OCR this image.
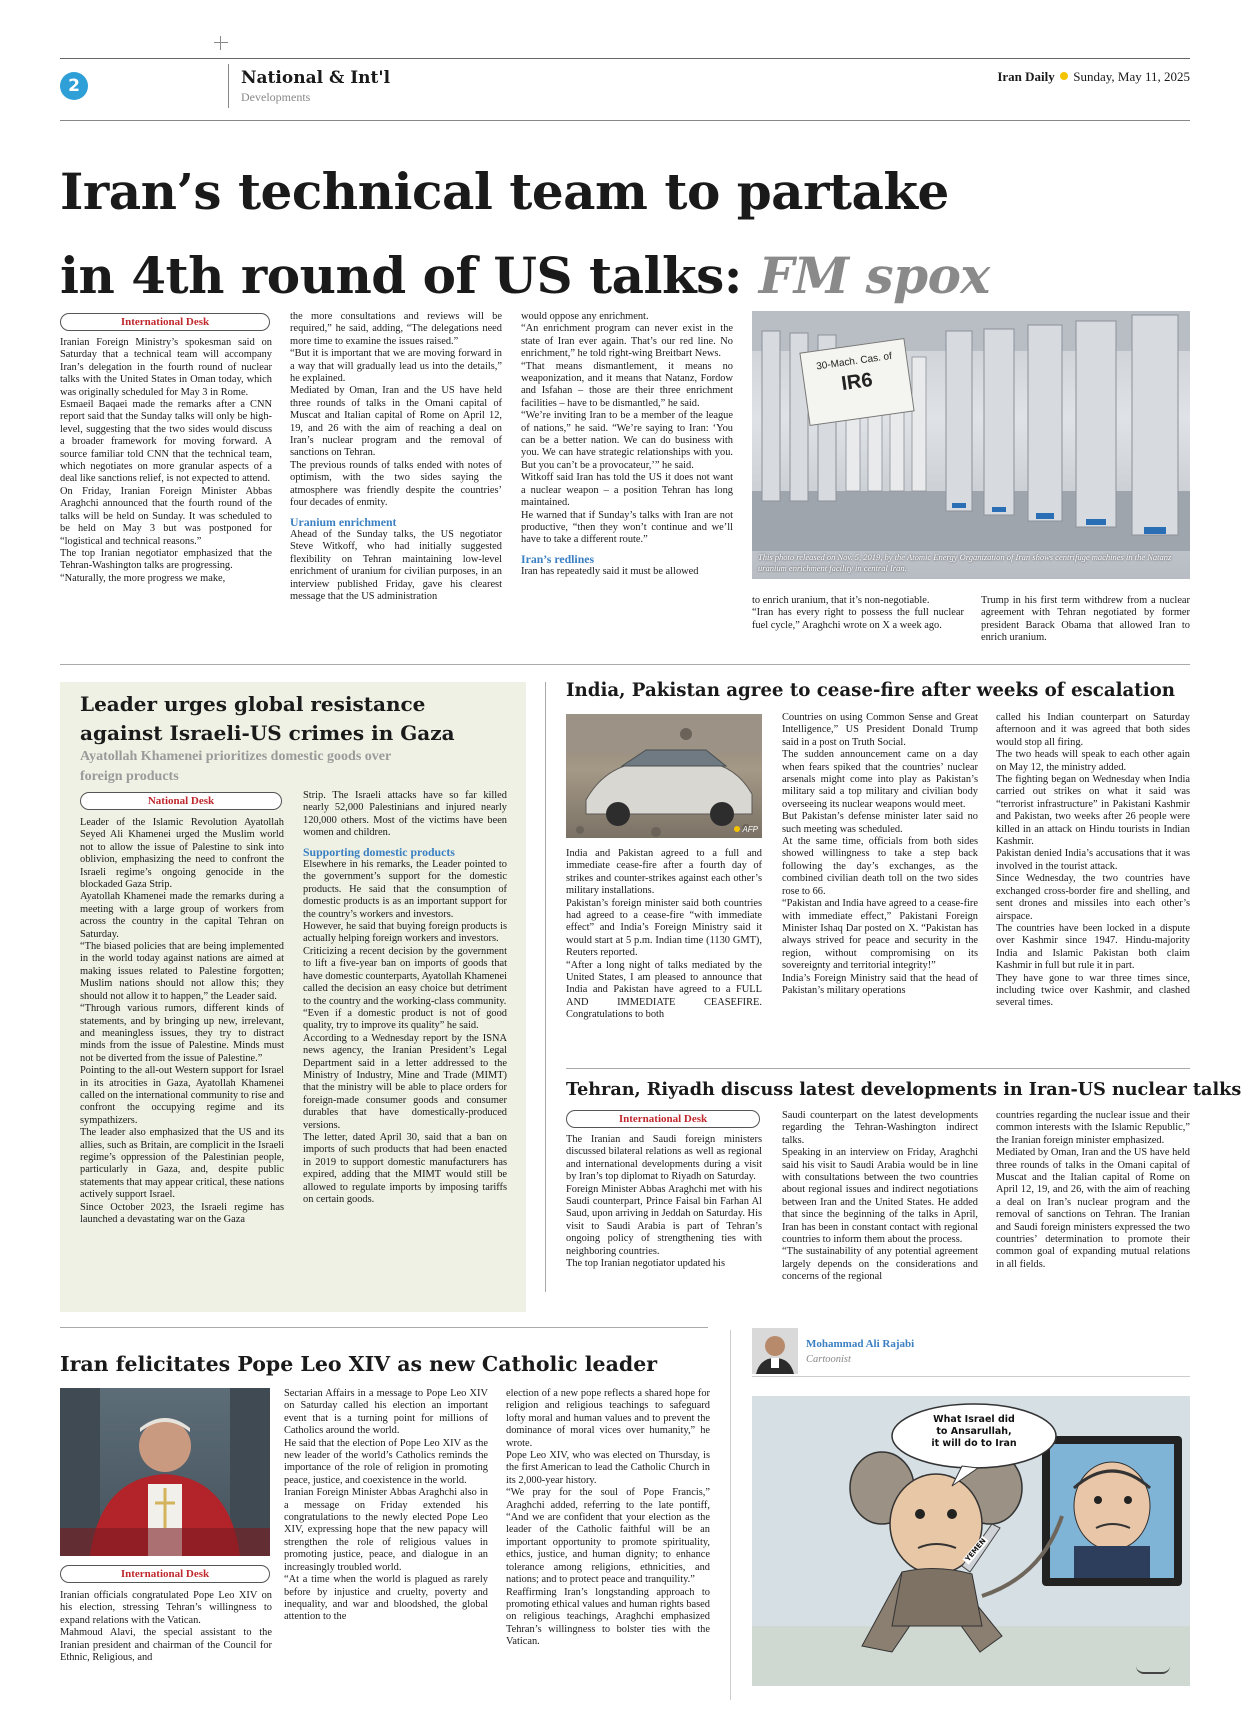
2	National & Int'l
Developments
Iran Daily Sunday, May 11, 2025
Iran’s technical team to partake
in 4th round of US talks: FM spox
International Desk

Iranian Foreign Ministry’s spokesman said on Saturday that a technical team will accompany Iran’s delegation in the fourth round of nuclear talks with the United States in Oman today, which was originally scheduled for May 3 in Rome.

Esmaeil Baqaei made the remarks after a CNN report said that the Sunday talks will only be high-level, suggesting that the two sides would discuss a broader framework for moving forward. A source familiar told CNN that the technical team, which negotiates on more granular aspects of a deal like sanctions relief, is not expected to attend.

On Friday, Iranian Foreign Minister Abbas Araghchi announced that the fourth round of the talks will be held on Sunday. It was scheduled to be held on May 3 but was postponed for “logistical and technical reasons.”

The top Iranian negotiator emphasized that the Tehran-Washington talks are progressing.

“Naturally, the more progress we make,

the more consultations and reviews will be required,” he said, adding, “The delegations need more time to examine the issues raised.”

“But it is important that we are moving forward in a way that will gradually lead us into the details,” he explained.

Mediated by Oman, Iran and the US have held three rounds of talks in the Omani capital of Muscat and Italian capital of Rome on April 12, 19, and 26 with the aim of reaching a deal on Iran’s nuclear program and the removal of sanctions on Tehran.

The previous rounds of talks ended with notes of optimism, with the two sides saying the atmosphere was friendly despite the countries’ four decades of enmity.

Uranium enrichment

Ahead of the Sunday talks, the US negotiator Steve Witkoff, who had initially suggested flexibility on Tehran maintaining low-level enrichment of uranium for civilian purposes, in an interview published Friday, gave his clearest message that the US administration

would oppose any enrichment.

“An enrichment program can never exist in the state of Iran ever again. That’s our red line. No enrichment,” he told right-wing Breitbart News.

“That means dismantlement, it means no weaponization, and it means that Natanz, Fordow and Isfahan – those are their three enrichment facilities – have to be dismantled,” he said.

“We’re inviting Iran to be a member of the league of nations,” he said. “We’re saying to Iran: ‘You can be a better nation. We can do business with you. We can have strategic relationships with you. But you can’t be a provocateur,’” he said.

Witkoff said Iran has told the US it does not want a nuclear weapon – a position Tehran has long maintained.

He warned that if Sunday’s talks with Iran are not productive, “then they won’t continue and we’ll have to take a different route.”

Iran’s redlines

Iran has repeatedly said it must be allowed

30-Mach. Cas. of
IR6
This photo released on Nov. 5, 2019, by the Atomic Energy Organization of Iran shows centrifuge machines in the Natanz uranium enrichment facility in central Iran.

to enrich uranium, that it’s non-negotiable.

“Iran has every right to possess the full nuclear fuel cycle,” Araghchi wrote on X a week ago.

Trump in his first term withdrew from a nuclear agreement with Tehran negotiated by former president Barack Obama that allowed Iran to enrich uranium.

Leader urges global resistance against Israeli-US crimes in Gaza
Ayatollah Khamenei prioritizes domestic goods over foreign products
National Desk

Leader of the Islamic Revolution Ayatollah Seyed Ali Khamenei urged the Muslim world not to allow the issue of Palestine to sink into oblivion, emphasizing the need to confront the Israeli regime’s ongoing genocide in the blockaded Gaza Strip.

Ayatollah Khamenei made the remarks during a meeting with a large group of workers from across the country in the capital Tehran on Saturday.

“The biased policies that are being implemented in the world today against nations are aimed at making issues related to Palestine forgotten; Muslim nations should not allow this; they should not allow it to happen,” the Leader said.

“Through various rumors, different kinds of statements, and by bringing up new, irrelevant, and meaningless issues, they try to distract minds from the issue of Palestine. Minds must not be diverted from the issue of Palestine.”

Pointing to the all-out Western support for Israel in its atrocities in Gaza, Ayatollah Khamenei called on the international community to rise and confront the occupying regime and its sympathizers.

The leader also emphasized that the US and its allies, such as Britain, are complicit in the Israeli regime’s oppression of the Palestinian people, particularly in Gaza, and, despite public statements that may appear critical, these nations actively support Israel.

Since October 2023, the Israeli regime has launched a devastating war on the Gaza

Strip. The Israeli attacks have so far killed nearly 52,000 Palestinians and injured nearly 120,000 others. Most of the victims have been women and children.

Supporting domestic products

Elsewhere in his remarks, the Leader pointed to the government’s support for the domestic products. He said that the consumption of domestic products is as an important support for the country’s workers and investors.

However, he said that buying foreign products is actually helping foreign workers and investors.

Criticizing a recent decision by the government to lift a five-year ban on imports of goods that have domestic counterparts, Ayatollah Khamenei called the decision an easy choice but detriment to the country and the working-class community.

“Even if a domestic product is not of good quality, try to improve its quality” he said.

According to a Wednesday report by the ISNA news agency, the Iranian President’s Legal Department said in a letter addressed to the Ministry of Industry, Mine and Trade (MIMT) that the ministry will be able to place orders for foreign-made consumer goods and consumer durables that have domestically-produced versions.

The letter, dated April 30, said that a ban on imports of such products that had been enacted in 2019 to support domestic manufacturers has expired, adding that the MIMT would still be allowed to regulate imports by imposing tariffs on certain goods.

India, Pakistan agree to cease-fire after weeks of escalation
AFP

India and Pakistan agreed to a full and immediate cease-fire after a fourth day of strikes and counter-strikes against each other’s military installations.

Pakistan’s foreign minister said both countries had agreed to a cease-fire “with immediate effect” and India’s Foreign Ministry said it would start at 5 p.m. Indian time (1130 GMT), Reuters reported.

“After a long night of talks mediated by the United States, I am pleased to announce that India and Pakistan have agreed to a FULL AND IMMEDIATE CEASEFIRE. Congratulations to both

Countries on using Common Sense and Great Intelligence,” US President Donald Trump said in a post on Truth Social.

The sudden announcement came on a day when fears spiked that the countries’ nuclear arsenals might come into play as Pakistan’s military said a top military and civilian body overseeing its nuclear weapons would meet.

But Pakistan’s defense minister later said no such meeting was scheduled.

At the same time, officials from both sides showed willingness to take a step back following the day’s exchanges, as the combined civilian death toll on the two sides rose to 66.

“Pakistan and India have agreed to a cease-fire with immediate effect,” Pakistani Foreign Minister Ishaq Dar posted on X. “Pakistan has always strived for peace and security in the region, without compromising on its sovereignty and territorial integrity!”

India’s Foreign Ministry said that the head of Pakistan’s military operations

called his Indian counterpart on Saturday afternoon and it was agreed that both sides would stop all firing.

The two heads will speak to each other again on May 12, the ministry added.

The fighting began on Wednesday when India carried out strikes on what it said was “terrorist infrastructure” in Pakistani Kashmir and Pakistan, two weeks after 26 people were killed in an attack on Hindu tourists in Indian Kashmir.

Pakistan denied India’s accusations that it was involved in the tourist attack.

Since Wednesday, the two countries have exchanged cross-border fire and shelling, and sent drones and missiles into each other’s airspace.

The countries have been locked in a dispute over Kashmir since 1947. Hindu-majority India and Islamic Pakistan both claim Kashmir in full but rule it in part.

They have gone to war three times since, including twice over Kashmir, and clashed several times.

Tehran, Riyadh discuss latest developments in Iran-US nuclear talks
International Desk

The Iranian and Saudi foreign ministers discussed bilateral relations as well as regional and international developments during a visit by Iran’s top diplomat to Riyadh on Saturday.

Foreign Minister Abbas Araghchi met with his Saudi counterpart, Prince Faisal bin Farhan Al Saud, upon arriving in Jeddah on Saturday. His visit to Saudi Arabia is part of Tehran’s ongoing policy of strengthening ties with neighboring countries.

The top Iranian negotiator updated his

Saudi counterpart on the latest developments regarding the Tehran-Washington indirect talks.

Speaking in an interview on Friday, Araghchi said his visit to Saudi Arabia would be in line with consultations between the two countries about regional issues and indirect negotiations between Iran and the United States. He added that since the beginning of the talks in April, Iran has been in constant contact with regional countries to inform them about the process.

“The sustainability of any potential agreement largely depends on the considerations and concerns of the regional

countries regarding the nuclear issue and their common interests with the Islamic Republic,” the Iranian foreign minister emphasized.

Mediated by Oman, Iran and the US have held three rounds of talks in the Omani capital of Muscat and the Italian capital of Rome on April 12, 19, and 26, with the aim of reaching a deal on Iran’s nuclear program and the removal of sanctions on Tehran. The Iranian and Saudi foreign ministers expressed the two countries’ determination to promote their common goal of expanding mutual relations in all fields.

Iran felicitates Pope Leo XIV as new Catholic leader
International Desk

Iranian officials congratulated Pope Leo XIV on his election, stressing Tehran’s willingness to expand relations with the Vatican.

Mahmoud Alavi, the special assistant to the Iranian president and chairman of the Council for Ethnic, Religious, and

Sectarian Affairs in a message to Pope Leo XIV on Saturday called his election an important event that is a turning point for millions of Catholics around the world.

He said that the election of Pope Leo XIV as the new leader of the world’s Catholics reminds the importance of the role of religion in promoting peace, justice, and coexistence in the world.

Iranian Foreign Minister Abbas Araghchi also in a message on Friday extended his congratulations to the newly elected Pope Leo XIV, expressing hope that the new papacy will strengthen the role of religious values in promoting justice, peace, and dialogue in an increasingly troubled world.

“At a time when the world is plagued as rarely before by injustice and cruelty, poverty and inequality, and war and bloodshed, the global attention to the

election of a new pope reflects a shared hope for religion and religious teachings to safeguard lofty moral and human values and to prevent the dominance of moral vices over humanity,” he wrote.

Pope Leo XIV, who was elected on Thursday, is the first American to lead the Catholic Church in its 2,000-year history.

“We pray for the soul of Pope Francis,” Araghchi added, referring to the late pontiff, “And we are confident that your election as the leader of the Catholic faithful will be an important opportunity to promote spirituality, ethics, justice, and human dignity; to enhance tolerance among religions, ethnicities, and nations; and to protect peace and tranquility.”

Reaffirming Iran’s longstanding approach to promoting ethical values and human rights based on religious teachings, Araghchi emphasized Tehran’s willingness to bolster ties with the Vatican.

Mohammad Ali Rajabi
Cartoonist
What Israel did
to Ansarullah,
it will do to Iran
YEMEN
